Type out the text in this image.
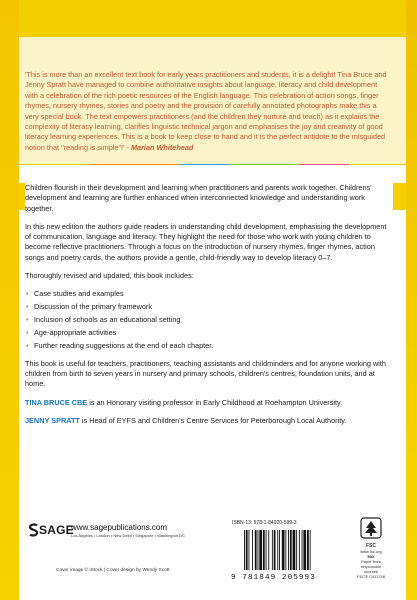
'This is more than an excellent text book for early years practitioners and students, it is a delight! Tina Bruce and Jenny Spratt have managed to combine authoritative insights about language, literacy and child development with a celebration of the rich poetic resources of the English language. This celebration of action songs, finger rhymes, nursery rhymes, stories and poetry and the provision of carefully annotated photographs make this a very special book. The text empowers practitioners (and the children they nurture and teach) as it explains the complexity of literacy learning, clarifies linguistic technical jargon and emphasises the joy and creativity of good literacy learning experiences. This is a book to keep close to hand and it is the perfect antidote to the misguided notion that "reading is simple"!' - Marian Whitehead

Children flourish in their development and learning when practitioners and parents work together. Childrens' development and learning are further enhanced when interconnected knowledge and understanding work together.

In this new edition the authors guide readers in understanding child development, emphasising the development of communication, language and literacy. They highlight the need for those who work with young children to become reflective practitioners. Through a focus on the introduction of nursery rhymes, finger rhymes, action songs and poetry cards, the authors provide a gentle, child-friendly way to develop literacy 0–7.

Thoroughly revised and updated, this book includes:

• Case studies and examples
• Discussion of the primary framework
• Inclusion of schools as an educational setting
• Age-appropriate activities
• Further reading suggestions at the end of each chapter.

This book is useful for teachers, practitioners, teaching assistants and childminders and for anyone working with children from birth to seven years in nursery and primary schools, children's centres, foundation units, and at home.

TINA BRUCE CBE is an Honorary visiting professor in Early Childhood at Roehampton University.

JENNY SPRATT is Head of EYFS and Children's Centre Services for Peterborough Local Authority.

SAGE
www.sagepublications.com
Los Angeles • London • New Delhi • Singapore • Washington DC
Cover image © iStock | Cover design by Wendy Scott
ISBN-13: 978-1-84920-599-3
9 781849 205993
FSC
www.fsc.org
MIX
Paper from responsible sources
FSC® C011748
